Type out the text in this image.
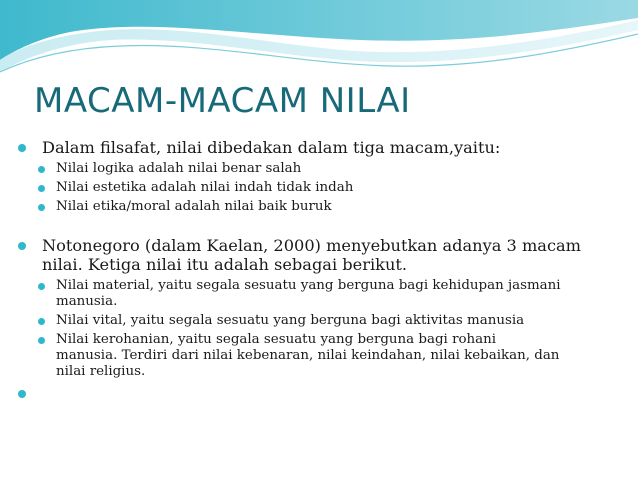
MACAM-MACAM NILAI
Dalam filsafat, nilai dibedakan dalam tiga macam,yaitu:
Nilai logika adalah nilai benar salah
Nilai estetika adalah nilai indah tidak indah
Nilai etika/moral adalah nilai baik buruk
Notonegoro (dalam Kaelan, 2000) menyebutkan adanya 3 macam nilai. Ketiga nilai itu adalah sebagai berikut.
Nilai material, yaitu segala sesuatu yang berguna bagi kehidupan jasmani manusia.
Nilai vital, yaitu segala sesuatu yang berguna bagi aktivitas manusia
Nilai kerohanian, yaitu segala sesuatu yang berguna bagi rohani manusia. Terdiri dari nilai kebenaran, nilai keindahan, nilai kebaikan, dan nilai religius.
